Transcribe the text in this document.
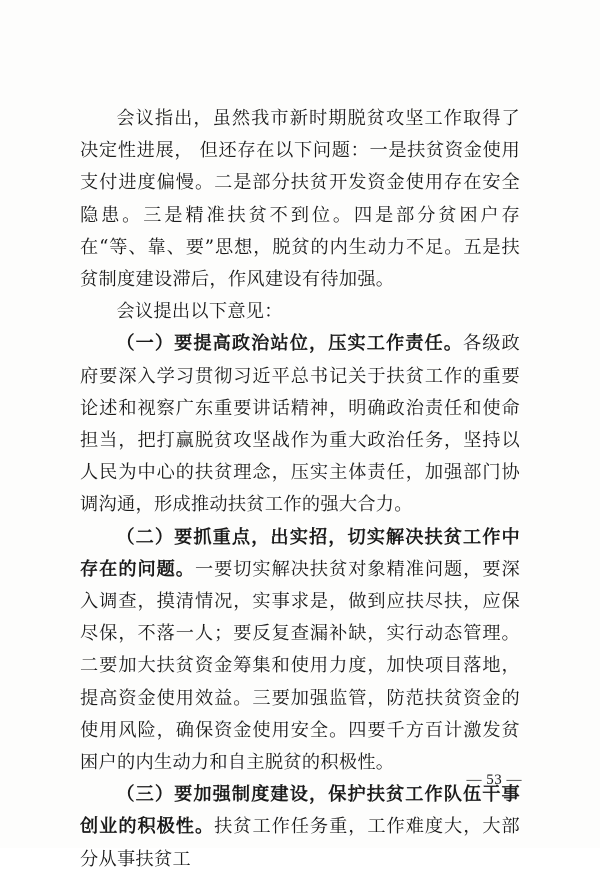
会议指出，虽然我市新时期脱贫攻坚工作取得了决定性进展， 但还存在以下问题：一是扶贫资金使用支付进度偏慢。二是部分扶贫开发资金使用存在安全隐患。三是精准扶贫不到位。四是部分贫困户存在“等、靠、要”思想，脱贫的内生动力不足。五是扶贫制度建设滞后，作风建设有待加强。

会议提出以下意见：

（一）要提高政治站位，压实工作责任。各级政府要深入学习贯彻习近平总书记关于扶贫工作的重要论述和视察广东重要讲话精神，明确政治责任和使命担当，把打赢脱贫攻坚战作为重大政治任务，坚持以人民为中心的扶贫理念，压实主体责任，加强部门协调沟通，形成推动扶贫工作的强大合力。

（二）要抓重点，出实招，切实解决扶贫工作中存在的问题。一要切实解决扶贫对象精准问题，要深入调查，摸清情况，实事求是，做到应扶尽扶，应保尽保，不落一人；要反复查漏补缺，实行动态管理。二要加大扶贫资金筹集和使用力度，加快项目落地，提高资金使用效益。三要加强监管，防范扶贫资金的使用风险，确保资金使用安全。四要千方百计激发贫困户的内生动力和自主脱贫的积极性。

（三）要加强制度建设，保护扶贫工作队伍干事创业的积极性。扶贫工作任务重，工作难度大，大部分从事扶贫工

— 53 —
